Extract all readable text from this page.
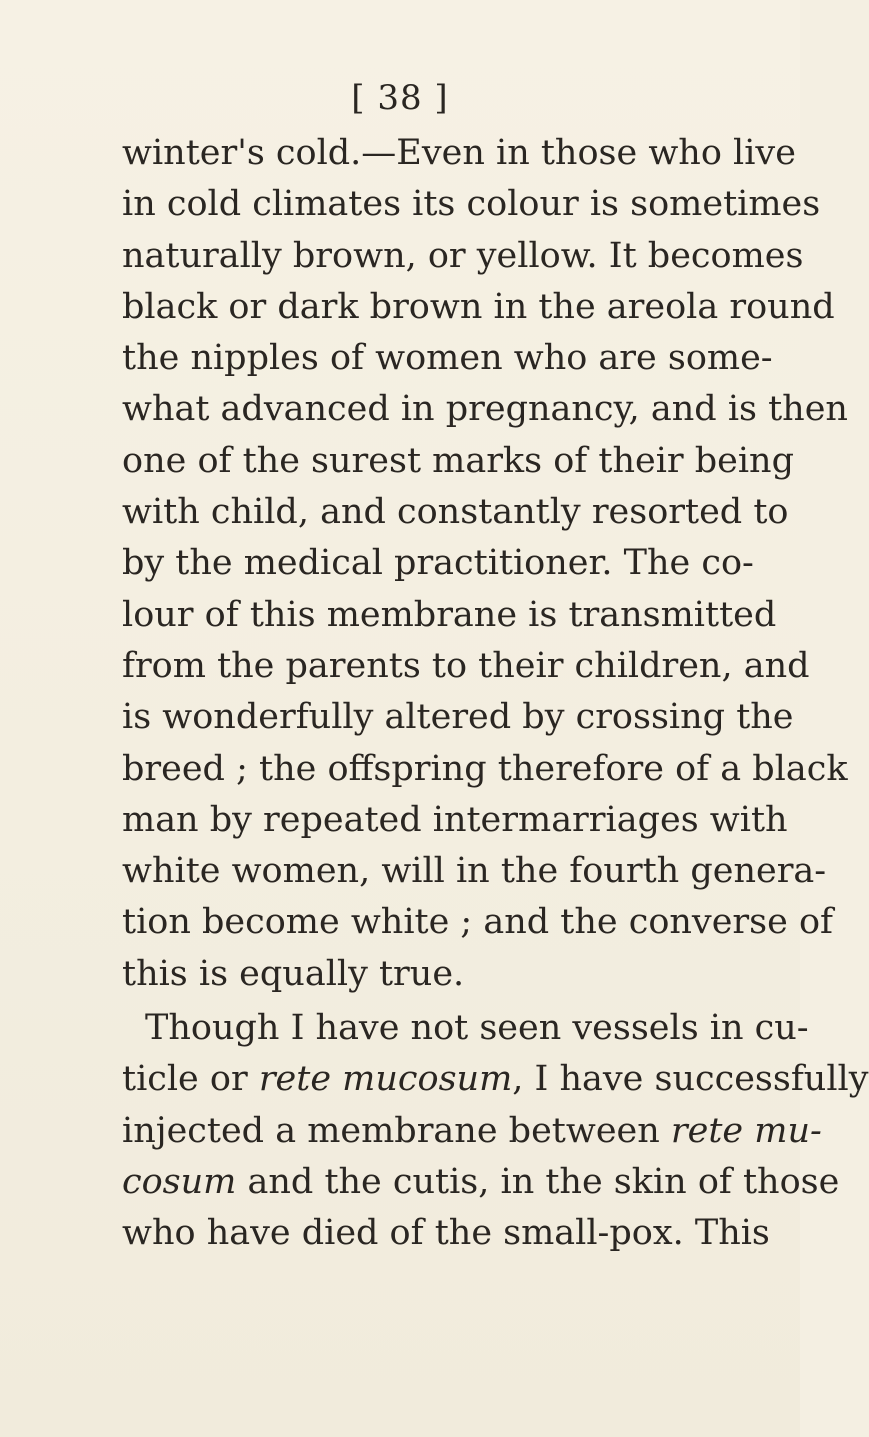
[ 38 ]
winter's cold.—Even in those who live
in cold climates its colour is sometimes
naturally brown, or yellow. It becomes
black or dark brown in the areola round
the nipples of women who are some-
what advanced in pregnancy, and is then
one of the surest marks of their being
with child, and constantly resorted to
by the medical practitioner. The co-
lour of this membrane is transmitted
from the parents to their children, and
is wonderfully altered by crossing the
breed ; the offspring therefore of a black
man by repeated intermarriages with
white women, will in the fourth genera-
tion become white ; and the converse of
this is equally true.
Though I have not seen vessels in cu-
ticle or rete mucosum, I have successfully
injected a membrane between rete mu-
cosum and the cutis, in the skin of those
who have died of the small-pox. This
